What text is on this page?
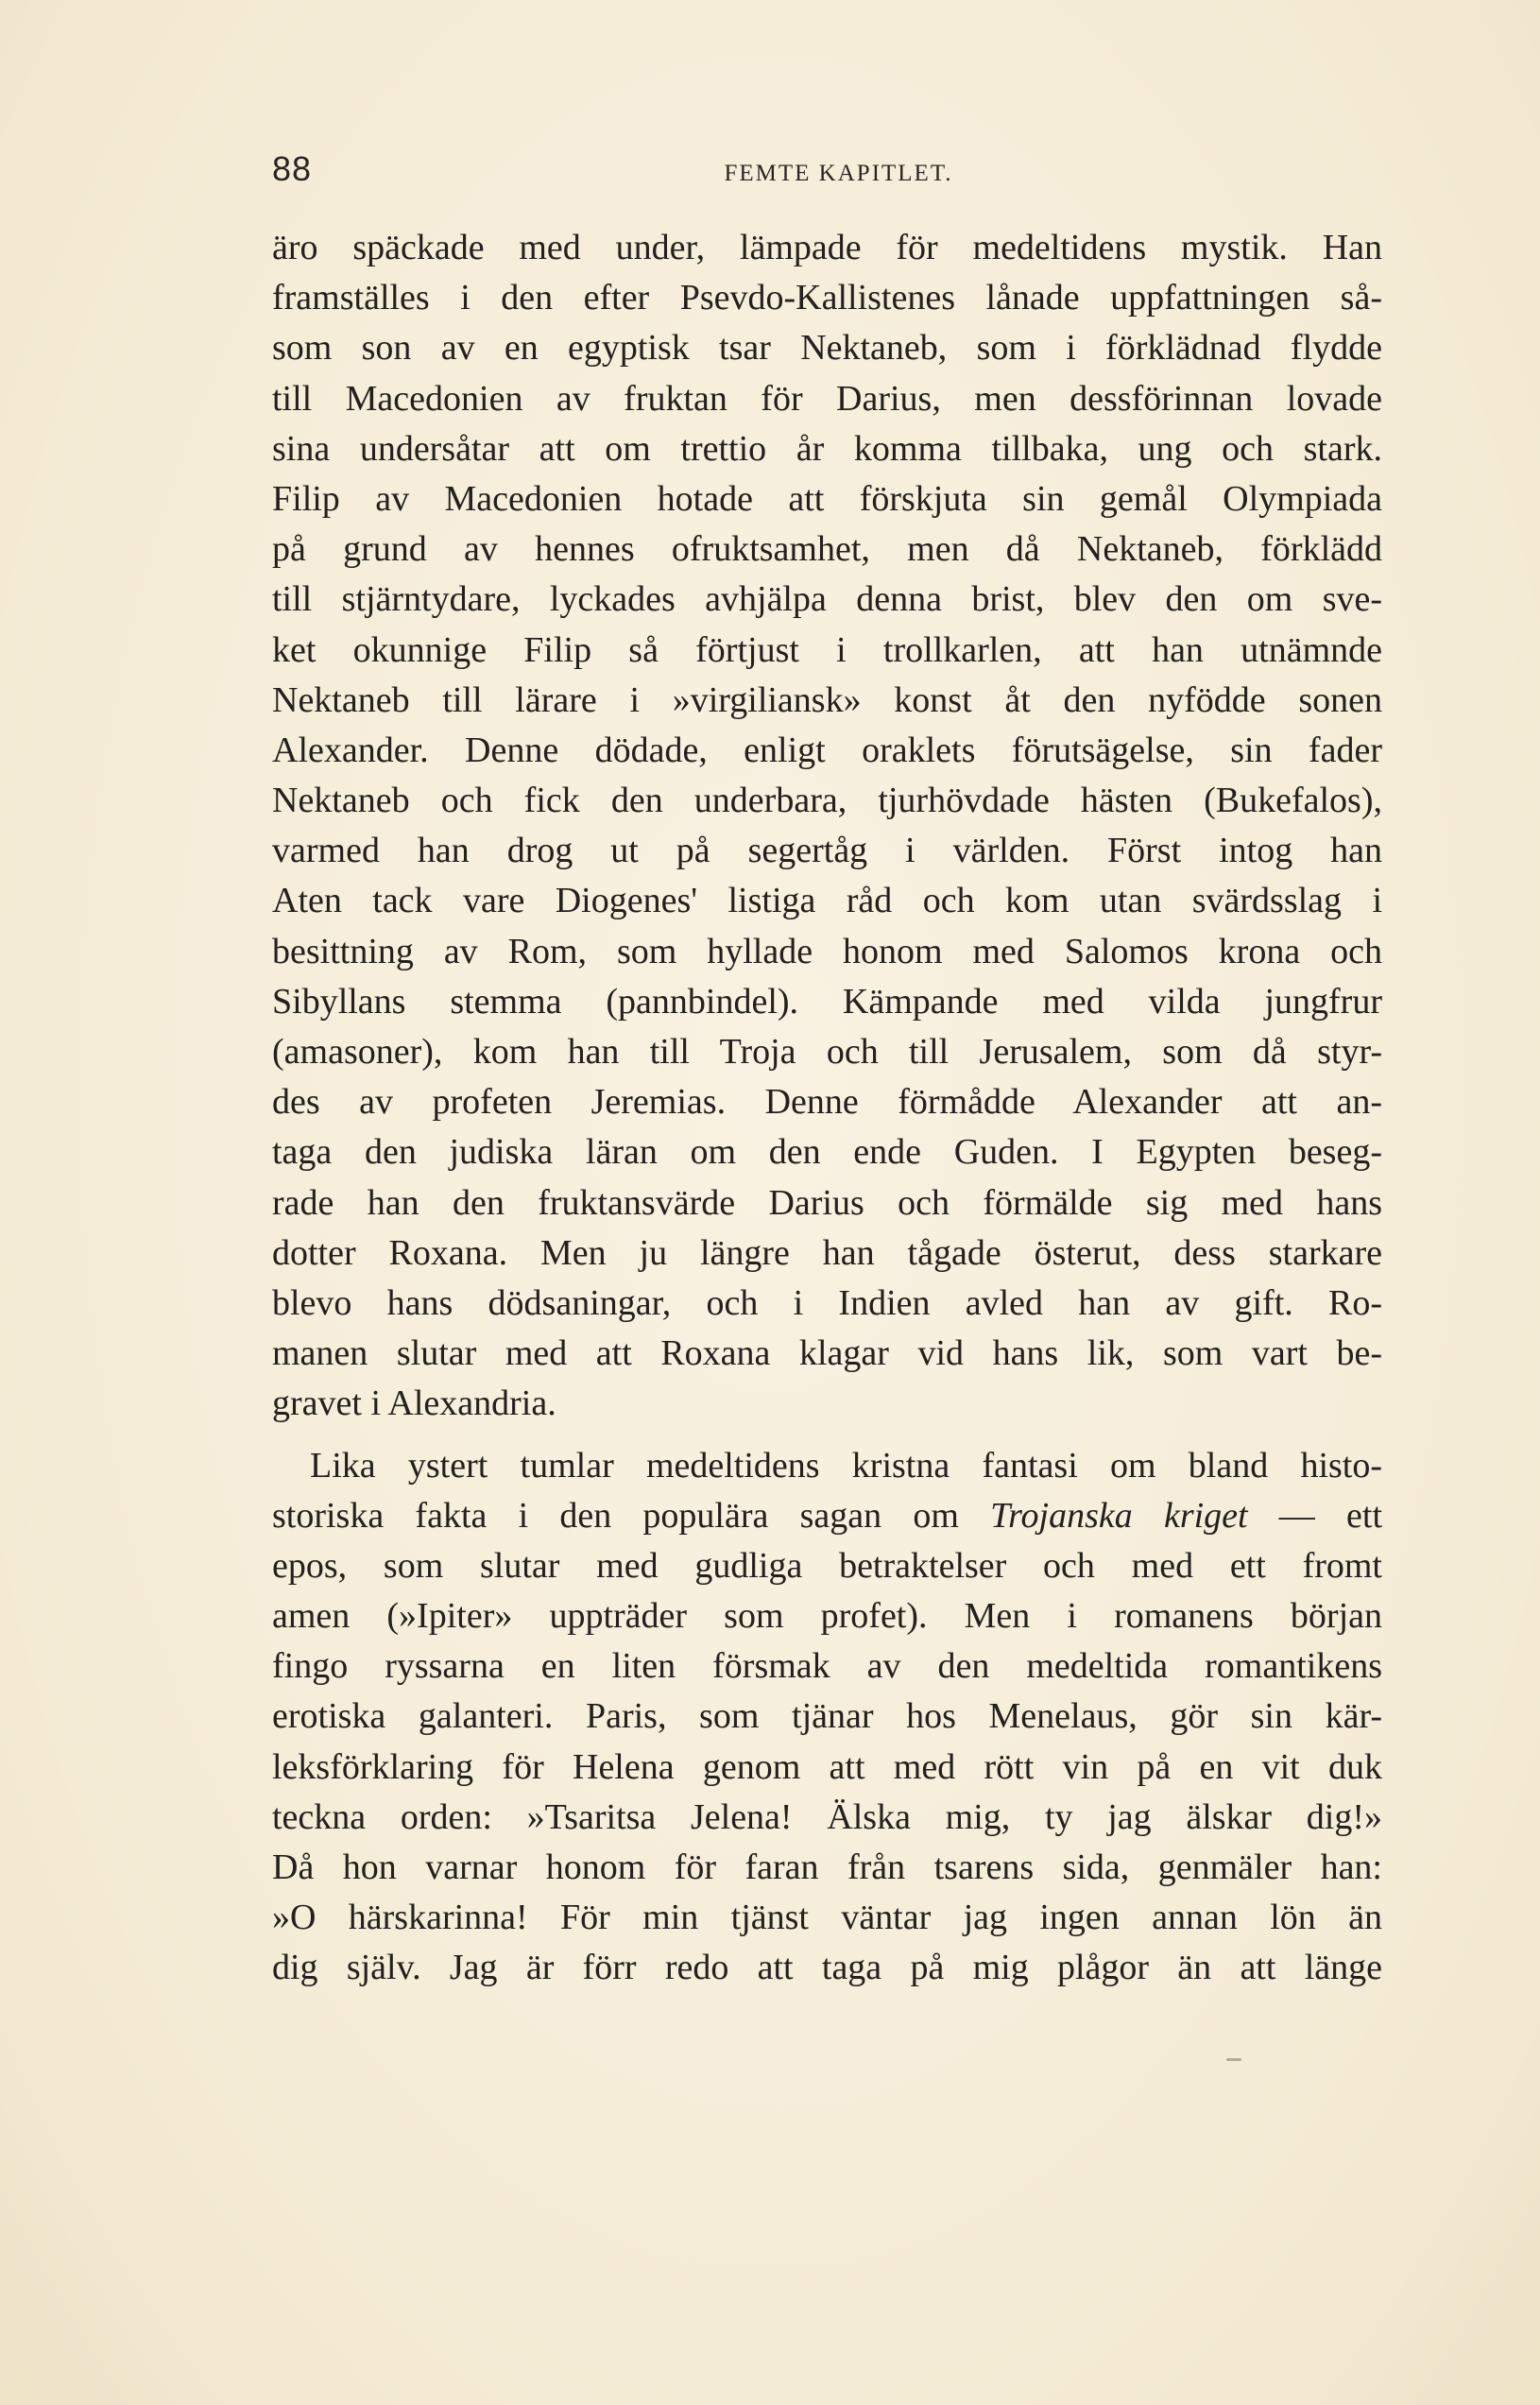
88	FEMTE KAPITLET.
äro späckade med under, lämpade för medeltidens mystik. Han
framställes i den efter Psevdo-Kallistenes lånade uppfattningen så-
som son av en egyptisk tsar Nektaneb, som i förklädnad flydde
till Macedonien av fruktan för Darius, men dessförinnan lovade
sina undersåtar att om trettio år komma tillbaka, ung och stark.
Filip av Macedonien hotade att förskjuta sin gemål Olympiada
på grund av hennes ofruktsamhet, men då Nektaneb, förklädd
till stjärntydare, lyckades avhjälpa denna brist, blev den om sve-
ket okunnige Filip så förtjust i trollkarlen, att han utnämnde
Nektaneb till lärare i »virgiliansk» konst åt den nyfödde sonen
Alexander. Denne dödade, enligt oraklets förutsägelse, sin fader
Nektaneb och fick den underbara, tjurhövdade hästen (Bukefalos),
varmed han drog ut på segertåg i världen. Först intog han
Aten tack vare Diogenes' listiga råd och kom utan svärdsslag i
besittning av Rom, som hyllade honom med Salomos krona och
Sibyllans stemma (pannbindel). Kämpande med vilda jungfrur
(amasoner), kom han till Troja och till Jerusalem, som då styr-
des av profeten Jeremias. Denne förmådde Alexander att an-
taga den judiska läran om den ende Guden. I Egypten beseg-
rade han den fruktansvärde Darius och förmälde sig med hans
dotter Roxana. Men ju längre han tågade österut, dess starkare
blevo hans dödsaningar, och i Indien avled han av gift. Ro-
manen slutar med att Roxana klagar vid hans lik, som vart be-
gravet i Alexandria.
Lika ystert tumlar medeltidens kristna fantasi om bland histo-
storiska fakta i den populära sagan om Trojanska kriget — ett
epos, som slutar med gudliga betraktelser och med ett fromt
amen (»Ipiter» uppträder som profet). Men i romanens början
fingo ryssarna en liten försmak av den medeltida romantikens
erotiska galanteri. Paris, som tjänar hos Menelaus, gör sin kär-
leksförklaring för Helena genom att med rött vin på en vit duk
teckna orden: »Tsaritsa Jelena! Älska mig, ty jag älskar dig!»
Då hon varnar honom för faran från tsarens sida, genmäler han:
»O härskarinna! För min tjänst väntar jag ingen annan lön än
dig själv. Jag är förr redo att taga på mig plågor än att länge
